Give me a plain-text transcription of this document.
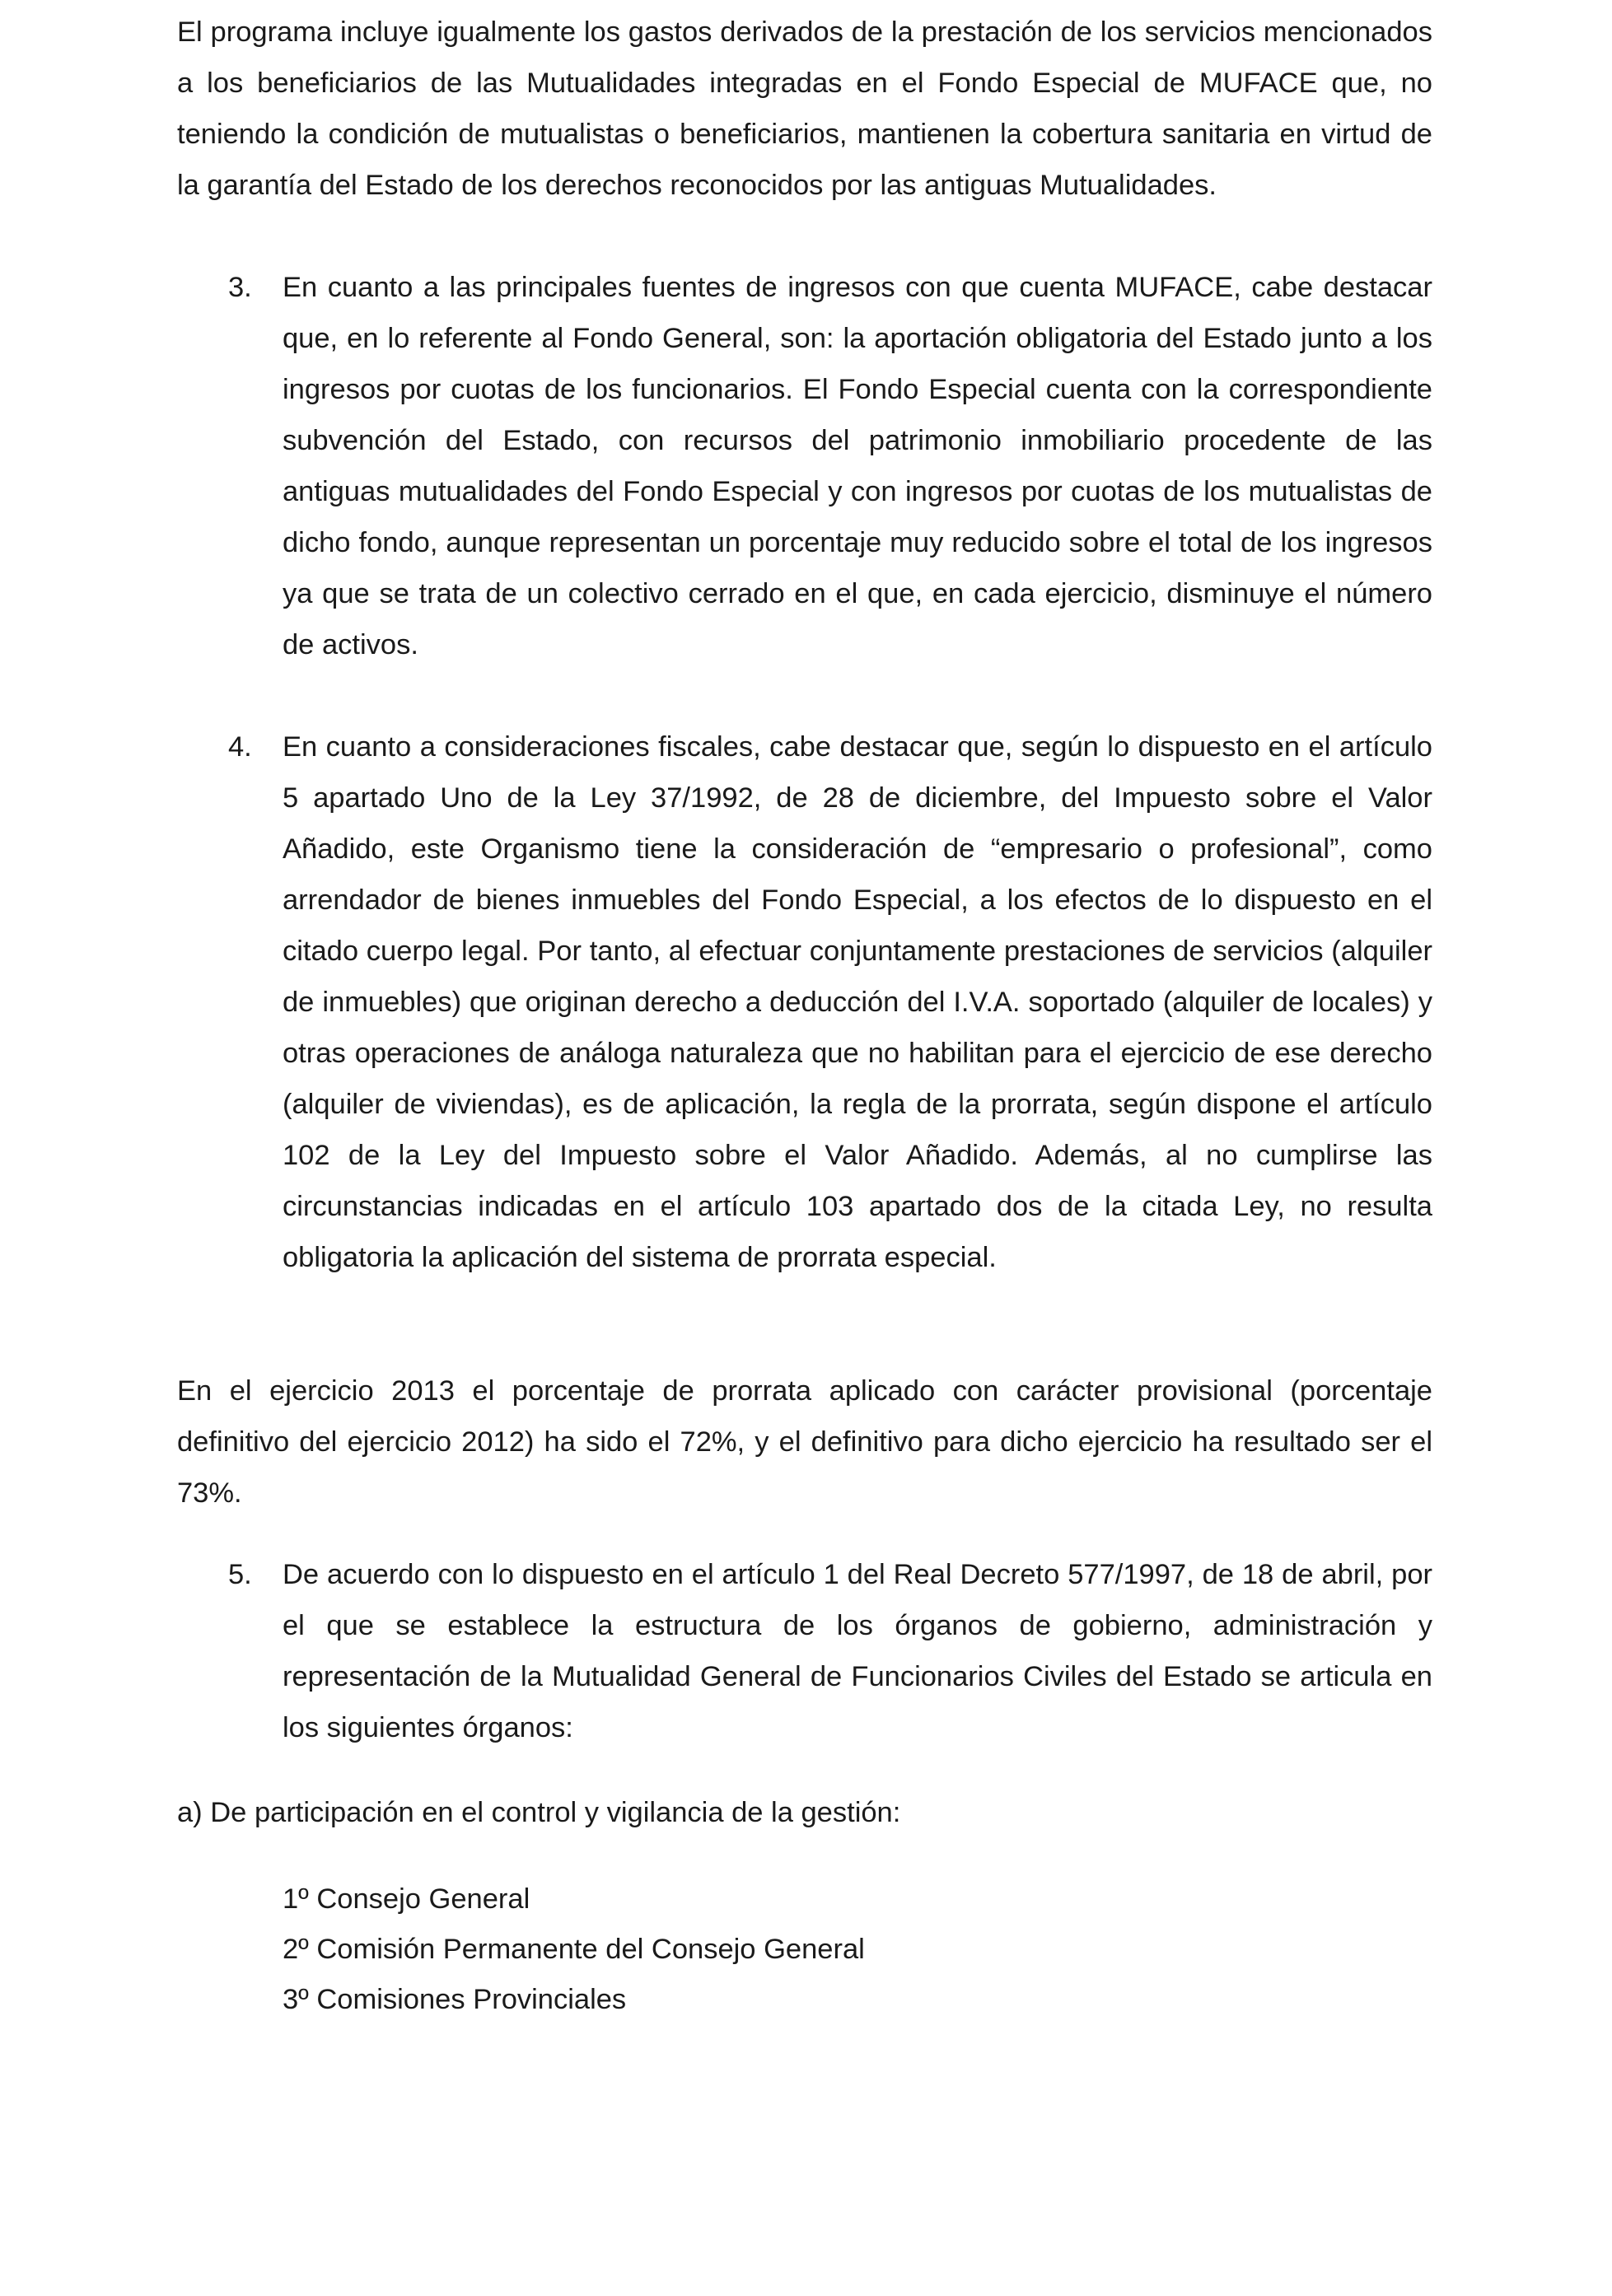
El programa incluye igualmente los gastos derivados de la prestación de los servicios mencionados a los beneficiarios de las Mutualidades integradas en el Fondo Especial de MUFACE que, no teniendo la condición de mutualistas o beneficiarios, mantienen la cobertura sanitaria en virtud de la garantía del Estado de los derechos reconocidos por las antiguas Mutualidades.

3. En cuanto a las principales fuentes de ingresos con que cuenta MUFACE, cabe destacar que, en lo referente al Fondo General, son: la aportación obligatoria del Estado junto a los ingresos por cuotas de los funcionarios. El Fondo Especial cuenta con la correspondiente subvención del Estado, con recursos del patrimonio inmobiliario procedente de las antiguas mutualidades del Fondo Especial y con ingresos por cuotas de los mutualistas de dicho fondo, aunque representan un porcentaje muy reducido sobre el total de los ingresos ya que se trata de un colectivo cerrado en el que, en cada ejercicio, disminuye el número de activos.
4. En cuanto a consideraciones fiscales, cabe destacar que, según lo dispuesto en el artículo 5 apartado Uno de la Ley 37/1992, de 28 de diciembre, del Impuesto sobre el Valor Añadido, este Organismo tiene la consideración de “empresario o profesional”, como arrendador de bienes inmuebles del Fondo Especial, a los efectos de lo dispuesto en el citado cuerpo legal. Por tanto, al efectuar conjuntamente prestaciones de servicios (alquiler de inmuebles) que originan derecho a deducción del I.V.A. soportado (alquiler de locales) y otras operaciones de análoga naturaleza que no habilitan para el ejercicio de ese derecho (alquiler de viviendas), es de aplicación, la regla de la prorrata, según dispone el artículo 102 de la Ley del Impuesto sobre el Valor Añadido. Además, al no cumplirse las circunstancias indicadas en el artículo 103 apartado dos de la citada Ley, no resulta obligatoria la aplicación del sistema de prorrata especial.

En el ejercicio 2013 el porcentaje de prorrata aplicado con carácter provisional (porcentaje definitivo del ejercicio 2012) ha sido el 72%, y el definitivo para dicho ejercicio ha resultado ser el 73%.

5. De acuerdo con lo dispuesto en el artículo 1 del Real Decreto 577/1997, de 18 de abril, por el que se establece la estructura de los órganos de gobierno, administración y representación de la Mutualidad General de Funcionarios Civiles del Estado se articula en los siguientes órganos:

a) De participación en el control y vigilancia de la gestión:

1º Consejo General
2º Comisión Permanente del Consejo General
3º Comisiones Provinciales
